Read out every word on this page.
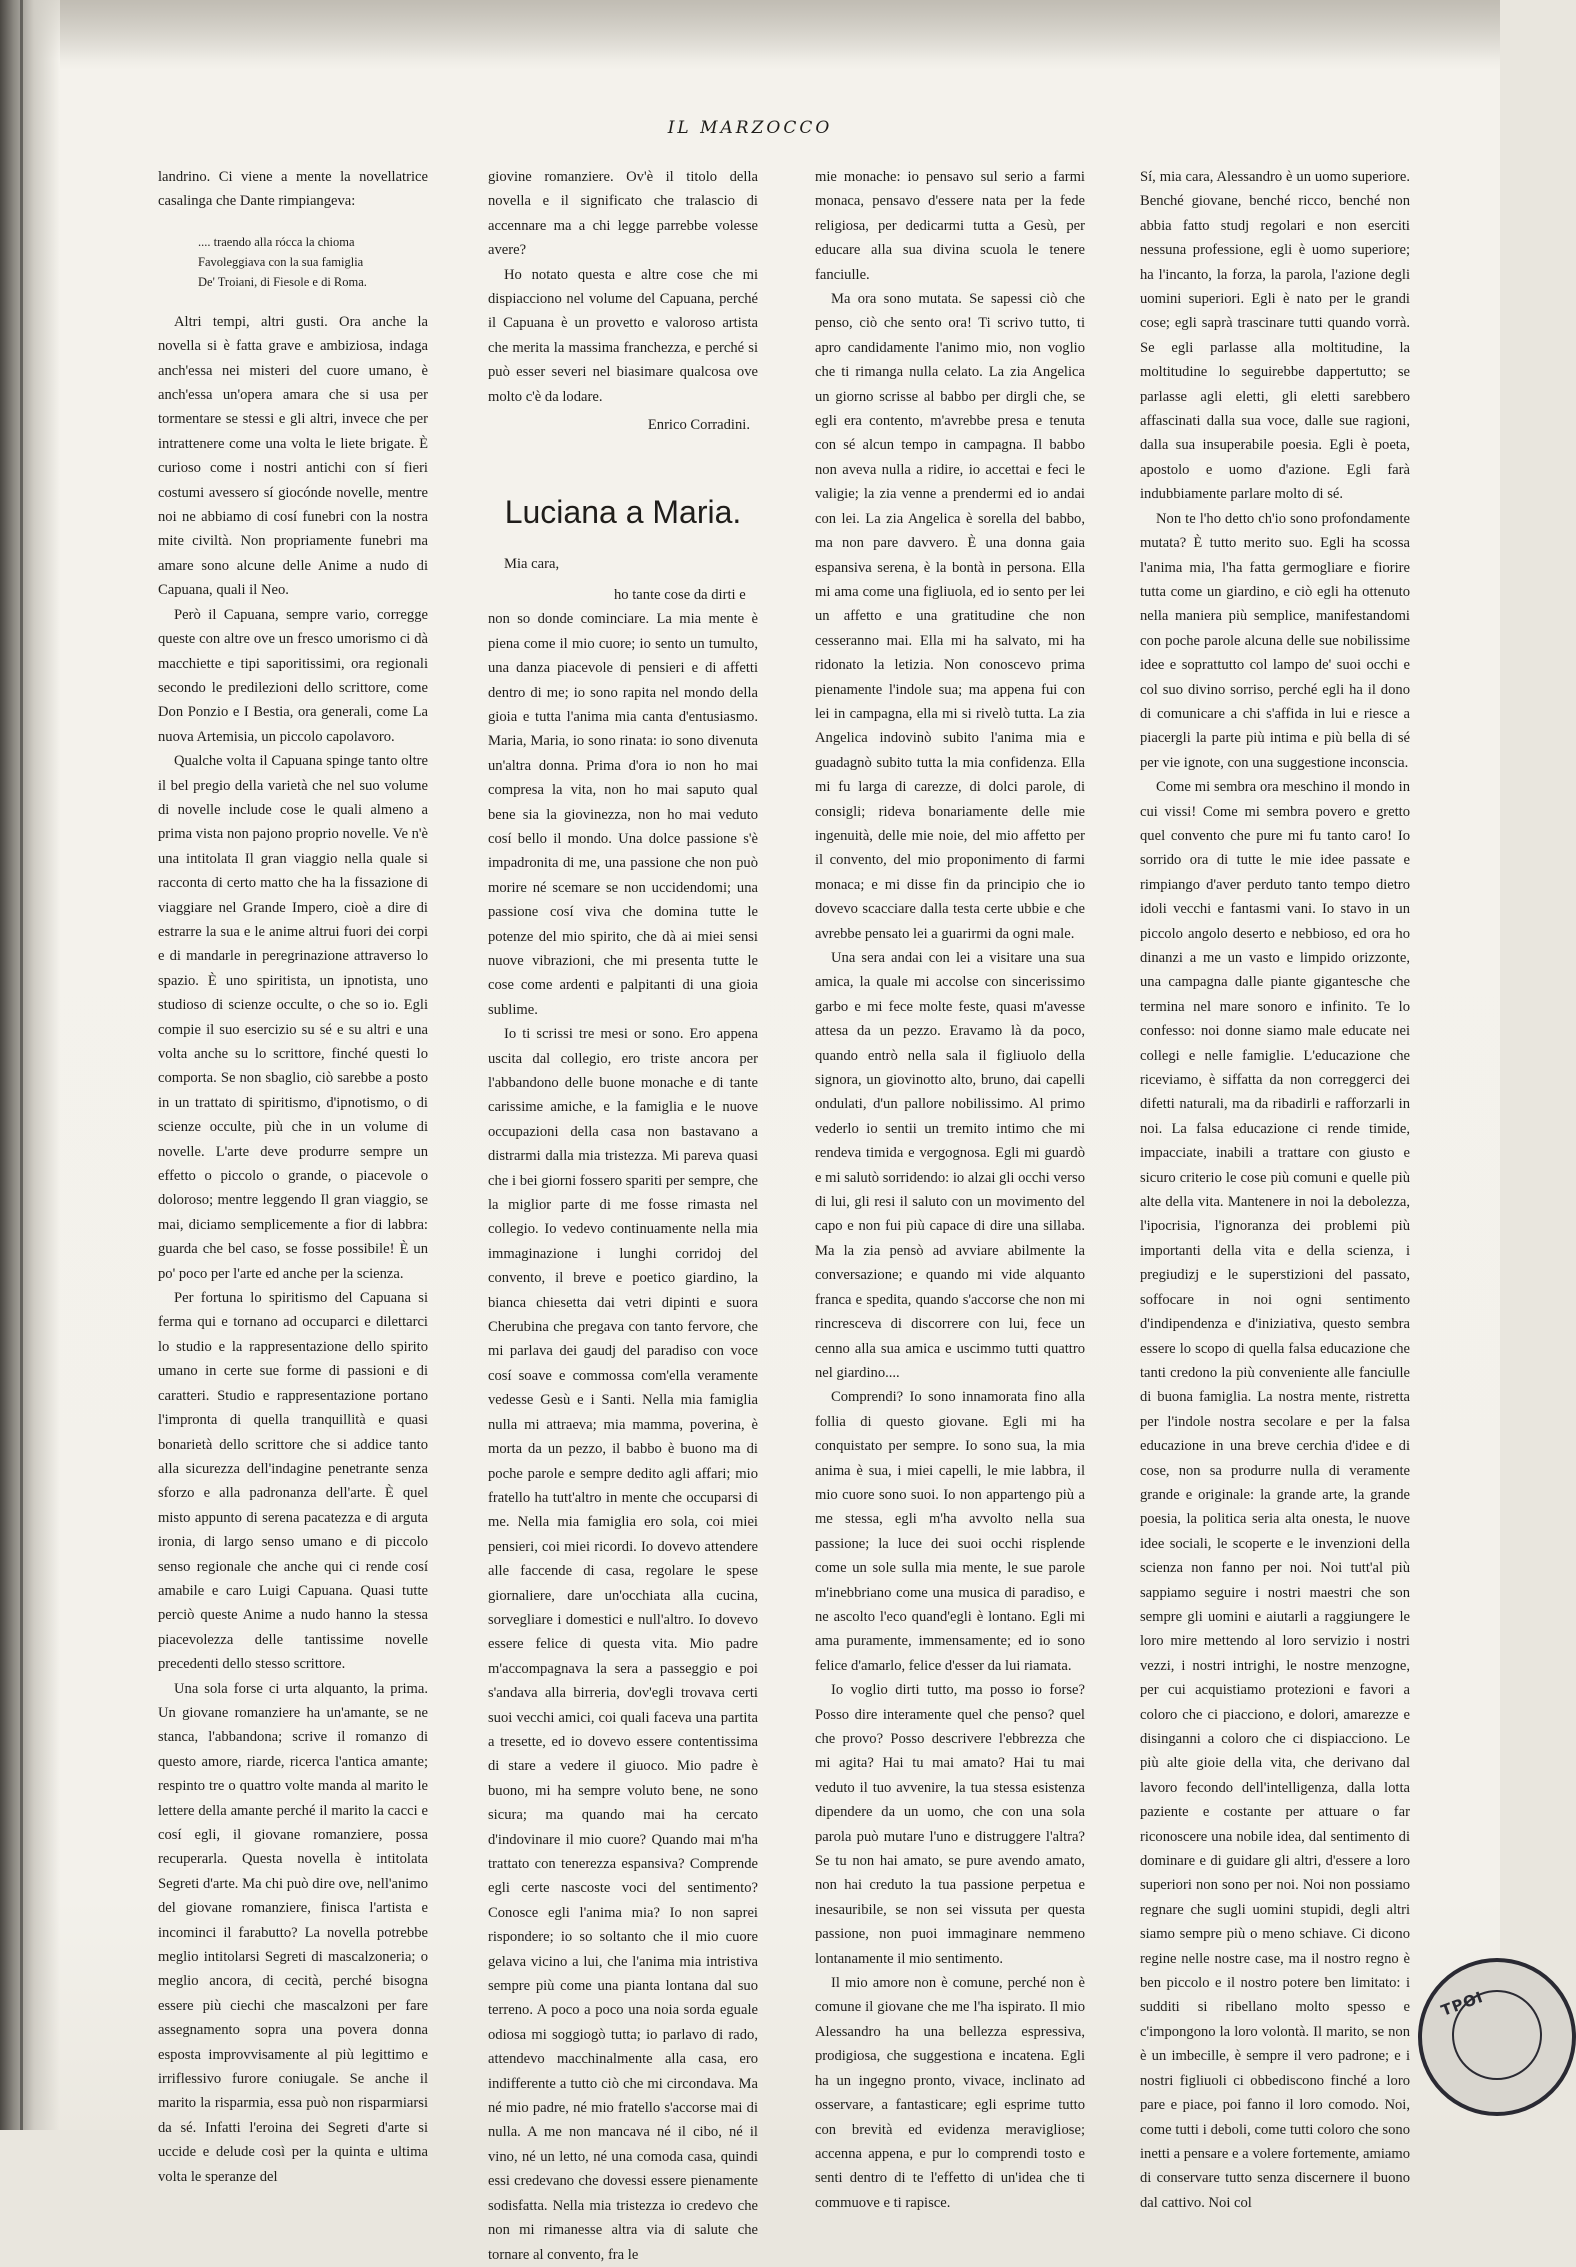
IL MARZOCCO

landrino. Ci viene a mente la novellatrice casalinga che Dante rimpiangeva:

.... traendo alla rócca la chioma
Favoleggiava con la sua famiglia
De' Troiani, di Fiesole e di Roma.

Altri tempi, altri gusti. Ora anche la novella si è fatta grave e ambiziosa, indaga anch'essa nei misteri del cuore umano, è anch'essa un'opera amara che si usa per tormentare se stessi e gli altri, invece che per intrattenere come una volta le liete brigate. È curioso come i nostri antichi con sí fieri costumi avessero sí giocónde novelle, mentre noi ne abbiamo di cosí funebri con la nostra mite civiltà. Non propriamente funebri ma amare sono alcune delle Anime a nudo di Capuana, quali il Neo.

Però il Capuana, sempre vario, corregge queste con altre ove un fresco umorismo ci dà macchiette e tipi saporitissimi, ora regionali secondo le predilezioni dello scrittore, come Don Ponzio e I Bestia, ora generali, come La nuova Artemisia, un piccolo capolavoro.

Qualche volta il Capuana spinge tanto oltre il bel pregio della varietà che nel suo volume di novelle include cose le quali almeno a prima vista non pajono proprio novelle. Ve n'è una intitolata Il gran viaggio nella quale si racconta di certo matto che ha la fissazione di viaggiare nel Grande Impero, cioè a dire di estrarre la sua e le anime altrui fuori dei corpi e di mandarle in peregrinazione attraverso lo spazio. È uno spiritista, un ipnotista, uno studioso di scienze occulte, o che so io. Egli compie il suo esercizio su sé e su altri e una volta anche su lo scrittore, finché questi lo comporta. Se non sbaglio, ciò sarebbe a posto in un trattato di spiritismo, d'ipnotismo, o di scienze occulte, più che in un volume di novelle. L'arte deve produrre sempre un effetto o piccolo o grande, o piacevole o doloroso; mentre leggendo Il gran viaggio, se mai, diciamo semplicemente a fior di labbra: guarda che bel caso, se fosse possibile! È un po' poco per l'arte ed anche per la scienza.

Per fortuna lo spiritismo del Capuana si ferma qui e tornano ad occuparci e dilettarci lo studio e la rappresentazione dello spirito umano in certe sue forme di passioni e di caratteri. Studio e rappresentazione portano l'impronta di quella tranquillità e quasi bonarietà dello scrittore che si addice tanto alla sicurezza dell'indagine penetrante senza sforzo e alla padronanza dell'arte. È quel misto appunto di serena pacatezza e di arguta ironia, di largo senso umano e di piccolo senso regionale che anche qui ci rende cosí amabile e caro Luigi Capuana. Quasi tutte perciò queste Anime a nudo hanno la stessa piacevolezza delle tantissime novelle precedenti dello stesso scrittore.

Una sola forse ci urta alquanto, la prima. Un giovane romanziere ha un'amante, se ne stanca, l'abbandona; scrive il romanzo di questo amore, riarde, ricerca l'antica amante; respinto tre o quattro volte manda al marito le lettere della amante perché il marito la cacci e cosí egli, il giovane romanziere, possa recuperarla. Questa novella è intitolata Segreti d'arte. Ma chi può dire ove, nell'animo del giovane romanziere, finisca l'artista e incominci il farabutto? La novella potrebbe meglio intitolarsi Segreti di mascalzoneria; o meglio ancora, di cecità, perché bisogna essere più ciechi che mascalzoni per fare assegnamento sopra una povera donna esposta improvvisamente al più legittimo e irriflessivo furore coniugale. Se anche il marito la risparmia, essa può non risparmiarsi da sé. Infatti l'eroina dei Segreti d'arte si uccide e delude così per la quinta e ultima volta le speranze del

giovine romanziere. Ov'è il titolo della novella e il significato che tralascio di accennare ma a chi legge parrebbe volesse avere?

Ho notato questa e altre cose che mi dispiacciono nel volume del Capuana, perché il Capuana è un provetto e valoroso artista che merita la massima franchezza, e perché si può esser severi nel biasimare qualcosa ove molto c'è da lodare.

Enrico Corradini.
Luciana a Maria.
Mia cara,

ho tante cose da dirti e

non so donde cominciare. La mia mente è piena come il mio cuore; io sento un tumulto, una danza piacevole di pensieri e di affetti dentro di me; io sono rapita nel mondo della gioia e tutta l'anima mia canta d'entusiasmo. Maria, Maria, io sono rinata: io sono divenuta un'altra donna. Prima d'ora io non ho mai compresa la vita, non ho mai saputo qual bene sia la giovinezza, non ho mai veduto cosí bello il mondo. Una dolce passione s'è impadronita di me, una passione che non può morire né scemare se non uccidendomi; una passione cosí viva che domina tutte le potenze del mio spirito, che dà ai miei sensi nuove vibrazioni, che mi presenta tutte le cose come ardenti e palpitanti di una gioia sublime.

Io ti scrissi tre mesi or sono. Ero appena uscita dal collegio, ero triste ancora per l'abbandono delle buone monache e di tante carissime amiche, e la famiglia e le nuove occupazioni della casa non bastavano a distrarmi dalla mia tristezza. Mi pareva quasi che i bei giorni fossero spariti per sempre, che la miglior parte di me fosse rimasta nel collegio. Io vedevo continuamente nella mia immaginazione i lunghi corridoj del convento, il breve e poetico giardino, la bianca chiesetta dai vetri dipinti e suora Cherubina che pregava con tanto fervore, che mi parlava dei gaudj del paradiso con voce cosí soave e commossa com'ella veramente vedesse Gesù e i Santi. Nella mia famiglia nulla mi attraeva; mia mamma, poverina, è morta da un pezzo, il babbo è buono ma di poche parole e sempre dedito agli affari; mio fratello ha tutt'altro in mente che occuparsi di me. Nella mia famiglia ero sola, coi miei pensieri, coi miei ricordi. Io dovevo attendere alle faccende di casa, regolare le spese giornaliere, dare un'occhiata alla cucina, sorvegliare i domestici e null'altro. Io dovevo essere felice di questa vita. Mio padre m'accompagnava la sera a passeggio e poi s'andava alla birreria, dov'egli trovava certi suoi vecchi amici, coi quali faceva una partita a tresette, ed io dovevo essere contentissima di stare a vedere il giuoco. Mio padre è buono, mi ha sempre voluto bene, ne sono sicura; ma quando mai ha cercato d'indovinare il mio cuore? Quando mai m'ha trattato con tenerezza espansiva? Comprende egli certe nascoste voci del sentimento? Conosce egli l'anima mia? Io non saprei rispondere; io so soltanto che il mio cuore gelava vicino a lui, che l'anima mia intristiva sempre più come una pianta lontana dal suo terreno. A poco a poco una noia sorda eguale odiosa mi soggiogò tutta; io parlavo di rado, attendevo macchinalmente alla casa, ero indifferente a tutto ciò che mi circondava. Ma né mio padre, né mio fratello s'accorse mai di nulla. A me non mancava né il cibo, né il vino, né un letto, né una comoda casa, quindi essi credevano che dovessi essere pienamente sodisfatta. Nella mia tristezza io credevo che non mi rimanesse altra via di salute che tornare al convento, fra le

mie monache: io pensavo sul serio a farmi monaca, pensavo d'essere nata per la fede religiosa, per dedicarmi tutta a Gesù, per educare alla sua divina scuola le tenere fanciulle.

Ma ora sono mutata. Se sapessi ciò che penso, ciò che sento ora! Ti scrivo tutto, ti apro candidamente l'animo mio, non voglio che ti rimanga nulla celato. La zia Angelica un giorno scrisse al babbo per dirgli che, se egli era contento, m'avrebbe presa e tenuta con sé alcun tempo in campagna. Il babbo non aveva nulla a ridire, io accettai e feci le valigie; la zia venne a prendermi ed io andai con lei. La zia Angelica è sorella del babbo, ma non pare davvero. È una donna gaia espansiva serena, è la bontà in persona. Ella mi ama come una figliuola, ed io sento per lei un affetto e una gratitudine che non cesseranno mai. Ella mi ha salvato, mi ha ridonato la letizia. Non conoscevo prima pienamente l'indole sua; ma appena fui con lei in campagna, ella mi si rivelò tutta. La zia Angelica indovinò subito l'anima mia e guadagnò subito tutta la mia confidenza. Ella mi fu larga di carezze, di dolci parole, di consigli; rideva bonariamente delle mie ingenuità, delle mie noie, del mio affetto per il convento, del mio proponimento di farmi monaca; e mi disse fin da principio che io dovevo scacciare dalla testa certe ubbie e che avrebbe pensato lei a guarirmi da ogni male.

Una sera andai con lei a visitare una sua amica, la quale mi accolse con sincerissimo garbo e mi fece molte feste, quasi m'avesse attesa da un pezzo. Eravamo là da poco, quando entrò nella sala il figliuolo della signora, un giovinotto alto, bruno, dai capelli ondulati, d'un pallore nobilissimo. Al primo vederlo io sentii un tremito intimo che mi rendeva timida e vergognosa. Egli mi guardò e mi salutò sorridendo: io alzai gli occhi verso di lui, gli resi il saluto con un movimento del capo e non fui più capace di dire una sillaba. Ma la zia pensò ad avviare abilmente la conversazione; e quando mi vide alquanto franca e spedita, quando s'accorse che non mi rincresceva di discorrere con lui, fece un cenno alla sua amica e uscimmo tutti quattro nel giardino....

Comprendi? Io sono innamorata fino alla follia di questo giovane. Egli mi ha conquistato per sempre. Io sono sua, la mia anima è sua, i miei capelli, le mie labbra, il mio cuore sono suoi. Io non appartengo più a me stessa, egli m'ha avvolto nella sua passione; la luce dei suoi occhi risplende come un sole sulla mia mente, le sue parole m'inebbriano come una musica di paradiso, e ne ascolto l'eco quand'egli è lontano. Egli mi ama puramente, immensamente; ed io sono felice d'amarlo, felice d'esser da lui riamata.

Io voglio dirti tutto, ma posso io forse? Posso dire interamente quel che penso? quel che provo? Posso descrivere l'ebbrezza che mi agita? Hai tu mai amato? Hai tu mai veduto il tuo avvenire, la tua stessa esistenza dipendere da un uomo, che con una sola parola può mutare l'uno e distruggere l'altra? Se tu non hai amato, se pure avendo amato, non hai creduto la tua passione perpetua e inesauribile, se non sei vissuta per questa passione, non puoi immaginare nemmeno lontanamente il mio sentimento.

Il mio amore non è comune, perché non è comune il giovane che me l'ha ispirato. Il mio Alessandro ha una bellezza espressiva, prodigiosa, che suggestiona e incatena. Egli ha un ingegno pronto, vivace, inclinato ad osservare, a fantasticare; egli esprime tutto con brevità ed evidenza meravigliose; accenna appena, e pur lo comprendi tosto e senti dentro di te l'effetto di un'idea che ti commuove e ti rapisce.

Sí, mia cara, Alessandro è un uomo superiore. Benché giovane, benché ricco, benché non abbia fatto studj regolari e non eserciti nessuna professione, egli è uomo superiore; ha l'incanto, la forza, la parola, l'azione degli uomini superiori. Egli è nato per le grandi cose; egli saprà trascinare tutti quando vorrà. Se egli parlasse alla moltitudine, la moltitudine lo seguirebbe dappertutto; se parlasse agli eletti, gli eletti sarebbero affascinati dalla sua voce, dalle sue ragioni, dalla sua insuperabile poesia. Egli è poeta, apostolo e uomo d'azione. Egli farà indubbiamente parlare molto di sé.

Non te l'ho detto ch'io sono profondamente mutata? È tutto merito suo. Egli ha scossa l'anima mia, l'ha fatta germogliare e fiorire tutta come un giardino, e ciò egli ha ottenuto nella maniera più semplice, manifestandomi con poche parole alcuna delle sue nobilissime idee e soprattutto col lampo de' suoi occhi e col suo divino sorriso, perché egli ha il dono di comunicare a chi s'affida in lui e riesce a piacergli la parte più intima e più bella di sé per vie ignote, con una suggestione inconscia.

Come mi sembra ora meschino il mondo in cui vissi! Come mi sembra povero e gretto quel convento che pure mi fu tanto caro! Io sorrido ora di tutte le mie idee passate e rimpiango d'aver perduto tanto tempo dietro idoli vecchi e fantasmi vani. Io stavo in un piccolo angolo deserto e nebbioso, ed ora ho dinanzi a me un vasto e limpido orizzonte, una campagna dalle piante gigantesche che termina nel mare sonoro e infinito. Te lo confesso: noi donne siamo male educate nei collegi e nelle famiglie. L'educazione che riceviamo, è siffatta da non correggerci dei difetti naturali, ma da ribadirli e rafforzarli in noi. La falsa educazione ci rende timide, impacciate, inabili a trattare con giusto e sicuro criterio le cose più comuni e quelle più alte della vita. Mantenere in noi la debolezza, l'ipocrisia, l'ignoranza dei problemi più importanti della vita e della scienza, i pregiudizj e le superstizioni del passato, soffocare in noi ogni sentimento d'indipendenza e d'iniziativa, questo sembra essere lo scopo di quella falsa educazione che tanti credono la più conveniente alle fanciulle di buona famiglia. La nostra mente, ristretta per l'indole nostra secolare e per la falsa educazione in una breve cerchia d'idee e di cose, non sa produrre nulla di veramente grande e originale: la grande arte, la grande poesia, la politica seria alta onesta, le nuove idee sociali, le scoperte e le invenzioni della scienza non fanno per noi. Noi tutt'al più sappiamo seguire i nostri maestri che son sempre gli uomini e aiutarli a raggiungere le loro mire mettendo al loro servizio i nostri vezzi, i nostri intrighi, le nostre menzogne, per cui acquistiamo protezioni e favori a coloro che ci piacciono, e dolori, amarezze e disinganni a coloro che ci dispiacciono. Le più alte gioie della vita, che derivano dal lavoro fecondo dell'intelligenza, dalla lotta paziente e costante per attuare o far riconoscere una nobile idea, dal sentimento di dominare e di guidare gli altri, d'essere a loro superiori non sono per noi. Noi non possiamo regnare che sugli uomini stupidi, degli altri siamo sempre più o meno schiave. Ci dicono regine nelle nostre case, ma il nostro regno è ben piccolo e il nostro potere ben limitato: i sudditi si ribellano molto spesso e c'impongono la loro volontà. Il marito, se non è un imbecille, è sempre il vero padrone; e i nostri figliuoli ci obbediscono finché a loro pare e piace, poi fanno il loro comodo. Noi, come tutti i deboli, come tutti coloro che sono inetti a pensare e a volere fortemente, amiamo di conservare tutto senza discernere il buono dal cattivo. Noi col

ΤΡΟΙ
